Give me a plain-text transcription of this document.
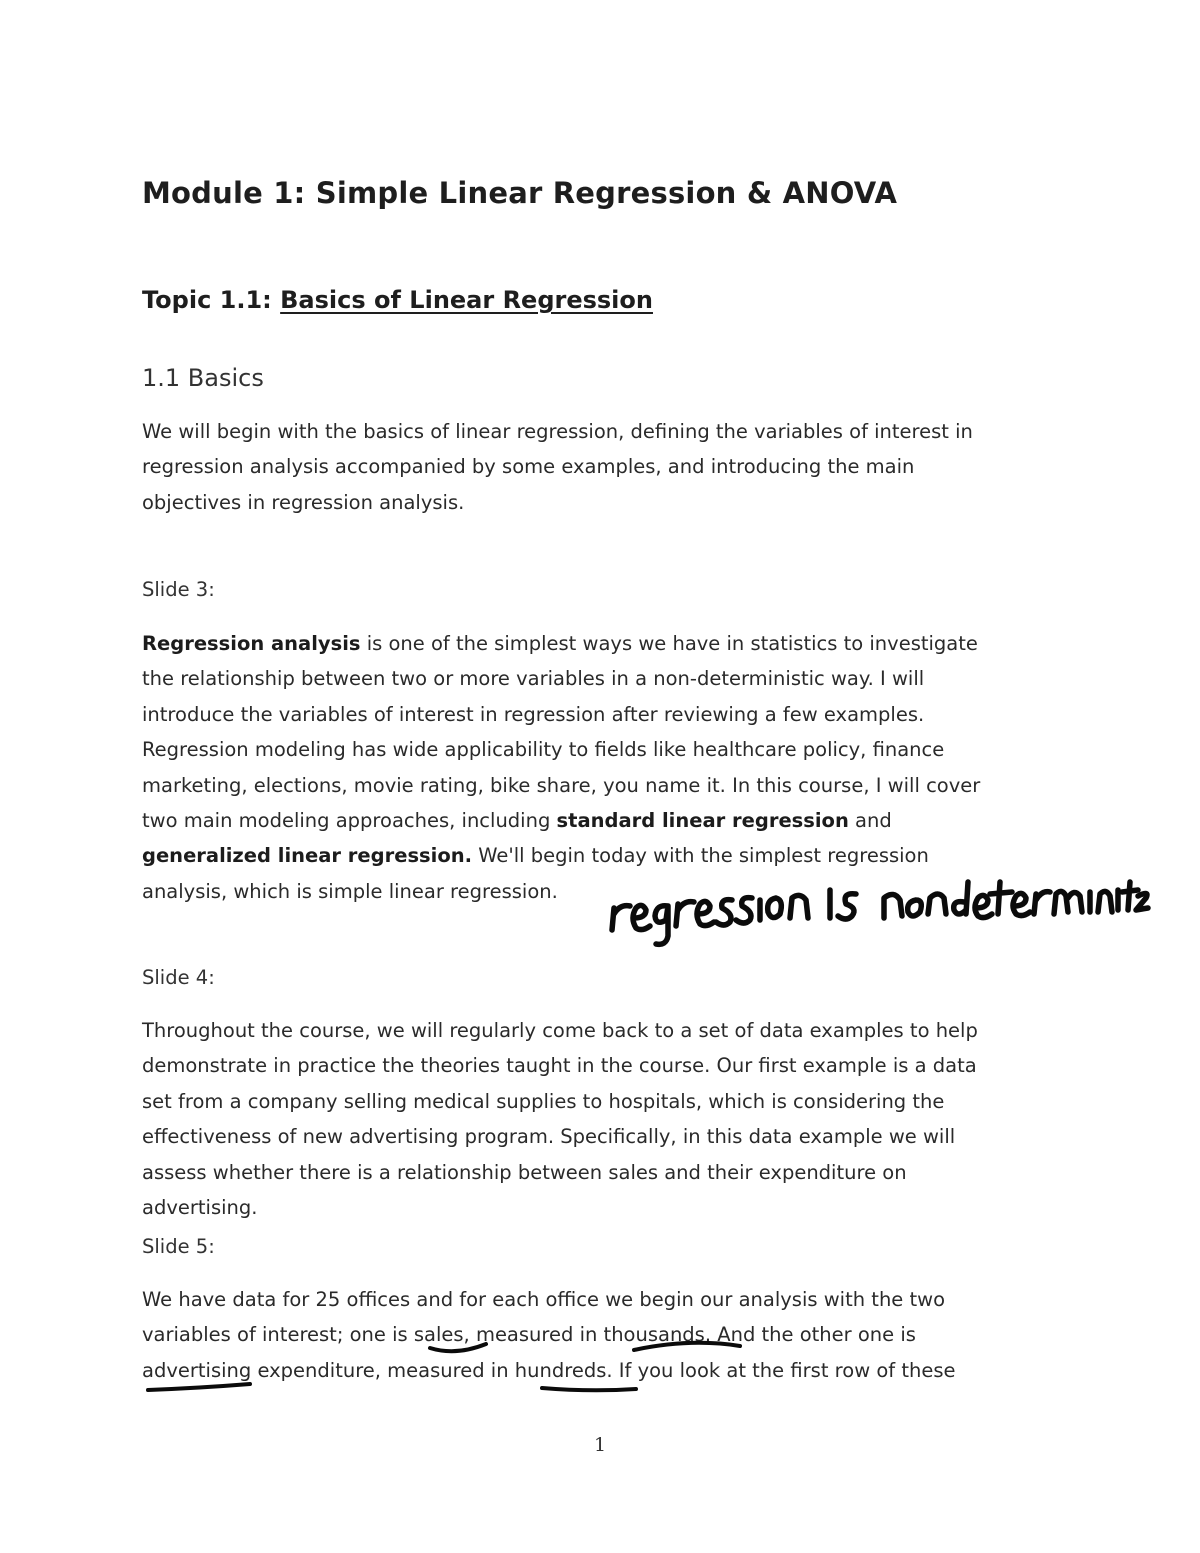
Module 1: Simple Linear Regression & ANOVA
Topic 1.1: Basics of Linear Regression
1.1 Basics
We will begin with the basics of linear regression, defining the variables of interest in
regression analysis accompanied by some examples, and introducing the main
objectives in regression analysis.
Slide 3:
Regression analysis is one of the simplest ways we have in statistics to investigate
the relationship between two or more variables in a non-deterministic way. I will
introduce the variables of interest in regression after reviewing a few examples.
Regression modeling has wide applicability to fields like healthcare policy, finance
marketing, elections, movie rating, bike share, you name it. In this course, I will cover
two main modeling approaches, including standard linear regression and
generalized linear regression. We'll begin today with the simplest regression
analysis, which is simple linear regression.
Slide 4:
Throughout the course, we will regularly come back to a set of data examples to help
demonstrate in practice the theories taught in the course. Our first example is a data
set from a company selling medical supplies to hospitals, which is considering the
effectiveness of new advertising program. Specifically, in this data example we will
assess whether there is a relationship between sales and their expenditure on
advertising.
Slide 5:
We have data for 25 offices and for each office we begin our analysis with the two
variables of interest; one is sales, measured in thousands. And the other one is
advertising expenditure, measured in hundreds. If you look at the first row of these
1
